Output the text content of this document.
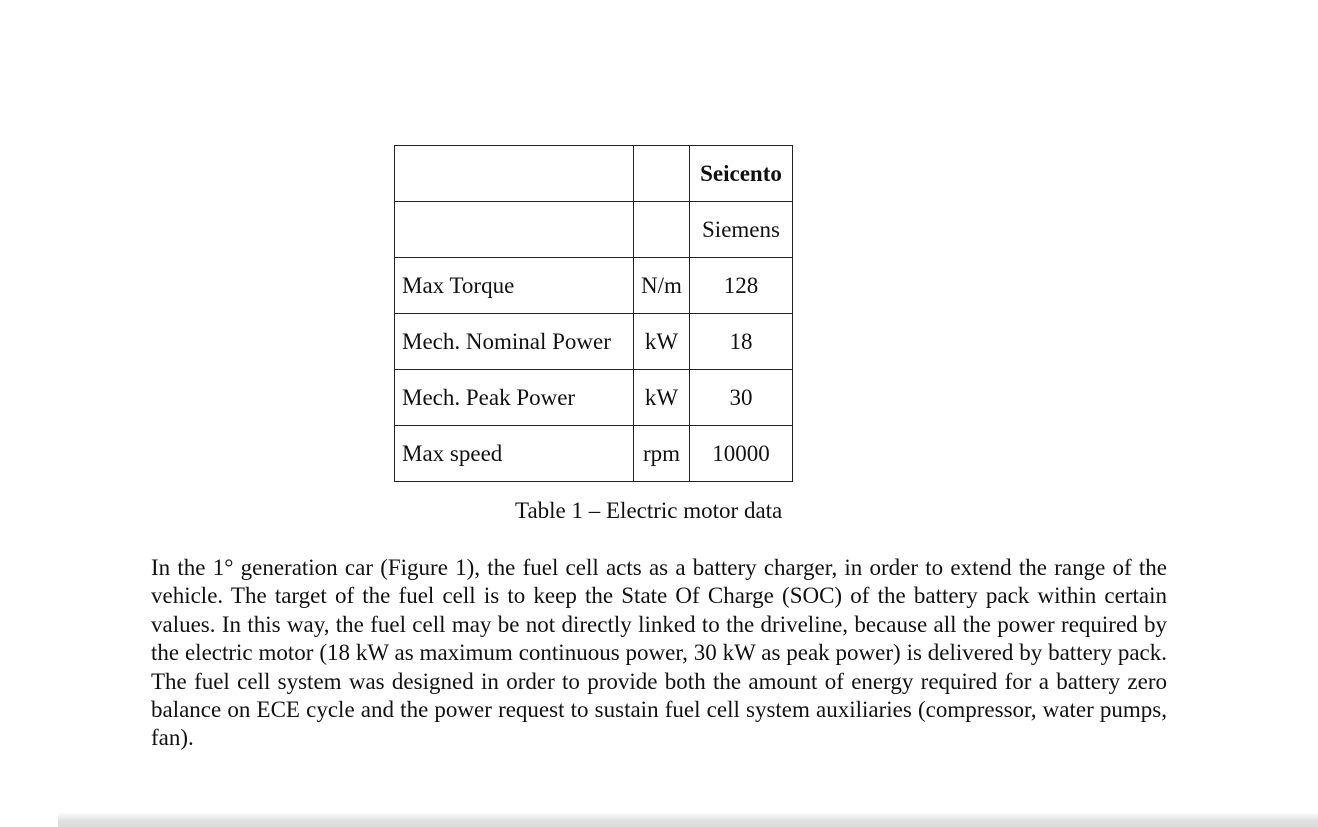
		Seicento
		Siemens
Max Torque	N/m	128
Mech. Nominal Power	kW	18
Mech. Peak Power	kW	30
Max speed	rpm	10000
Table 1 – Electric motor data

In the 1° generation car (Figure 1), the fuel cell acts as a battery charger, in order to extend the range of the vehicle. The target of the fuel cell is to keep the State Of Charge (SOC) of the battery pack within certain values. In this way, the fuel cell may be not directly linked to the driveline, because all the power required by the electric motor (18 kW as maximum continuous power, 30 kW as peak power) is delivered by battery pack. The fuel cell system was designed in order to provide both the amount of energy required for a battery zero balance on ECE cycle and the power request to sustain fuel cell system auxiliaries (compressor, water pumps, fan).
